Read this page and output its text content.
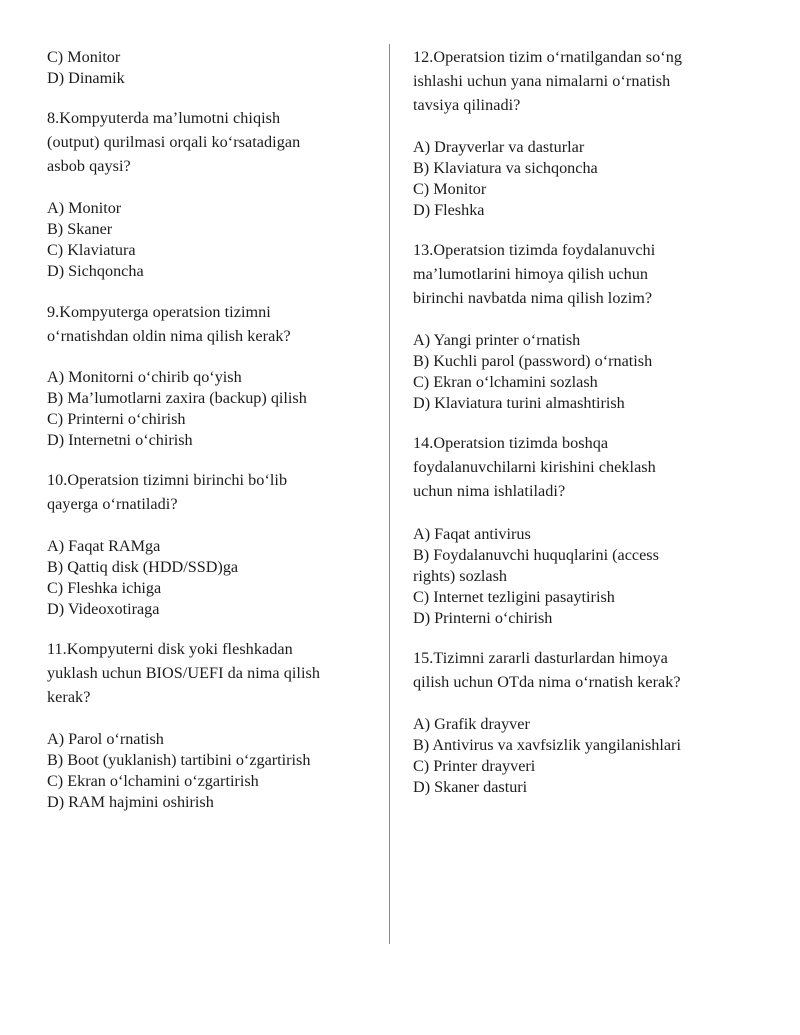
C) Monitor

D) Dinamik

8.Kompyuterda ma’lumotni chiqish

(output) qurilmasi orqali ko‘rsatadigan

asbob qaysi?

A) Monitor

B) Skaner

C) Klaviatura

D) Sichqoncha

9.Kompyuterga operatsion tizimni

o‘rnatishdan oldin nima qilish kerak?

A) Monitorni o‘chirib qo‘yish

B) Ma’lumotlarni zaxira (backup) qilish

C) Printerni o‘chirish

D) Internetni o‘chirish

10.Operatsion tizimni birinchi bo‘lib

qayerga o‘rnatiladi?

A) Faqat RAMga

B) Qattiq disk (HDD/SSD)ga

C) Fleshka ichiga

D) Videoxotiraga

11.Kompyuterni disk yoki fleshkadan

yuklash uchun BIOS/UEFI da nima qilish

kerak?

A) Parol o‘rnatish

B) Boot (yuklanish) tartibini o‘zgartirish

C) Ekran o‘lchamini o‘zgartirish

D) RAM hajmini oshirish

12.Operatsion tizim o‘rnatilgandan so‘ng

ishlashi uchun yana nimalarni o‘rnatish

tavsiya qilinadi?

A) Drayverlar va dasturlar

B) Klaviatura va sichqoncha

C) Monitor

D) Fleshka

13.Operatsion tizimda foydalanuvchi

ma’lumotlarini himoya qilish uchun

birinchi navbatda nima qilish lozim?

A) Yangi printer o‘rnatish

B) Kuchli parol (password) o‘rnatish

C) Ekran o‘lchamini sozlash

D) Klaviatura turini almashtirish

14.Operatsion tizimda boshqa

foydalanuvchilarni kirishini cheklash

uchun nima ishlatiladi?

A) Faqat antivirus

B) Foydalanuvchi huquqlarini (access

rights) sozlash

C) Internet tezligini pasaytirish

D) Printerni o‘chirish

15.Tizimni zararli dasturlardan himoya

qilish uchun OTda nima o‘rnatish kerak?

A) Grafik drayver

B) Antivirus va xavfsizlik yangilanishlari

C) Printer drayveri

D) Skaner dasturi
